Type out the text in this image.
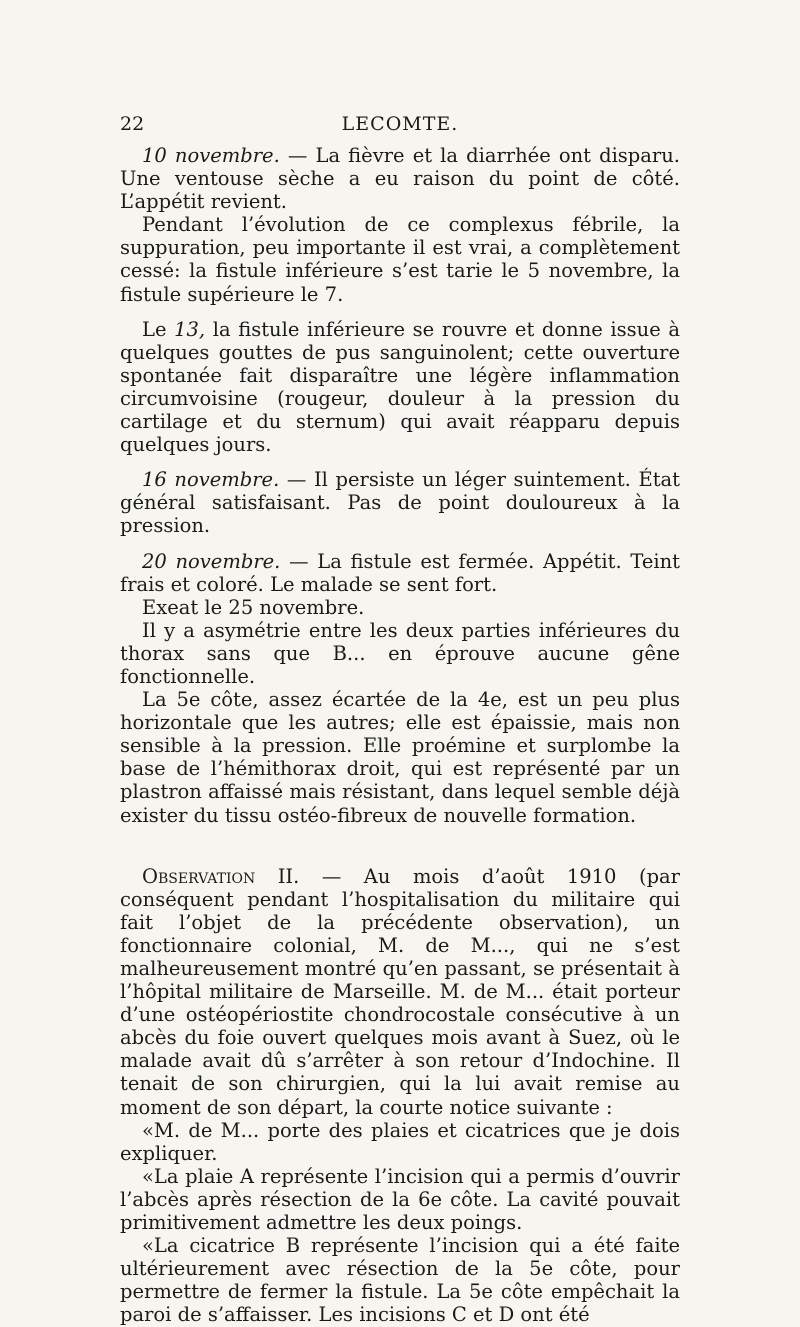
22	LECOMTE.

10 novembre. — La fièvre et la diarrhée ont disparu. Une ventouse sèche a eu raison du point de côté. L’appétit revient.

Pendant l’évolution de ce complexus fébrile, la suppuration, peu importante il est vrai, a complètement cessé: la fistule inférieure s’est tarie le 5 novembre, la fistule supérieure le 7.

Le 13, la fistule inférieure se rouvre et donne issue à quelques gouttes de pus sanguinolent; cette ouverture spontanée fait disparaître une légère inflammation circumvoisine (rougeur, douleur à la pression du cartilage et du sternum) qui avait réapparu depuis quelques jours.

16 novembre. — Il persiste un léger suintement. État général satisfaisant. Pas de point douloureux à la pression.

20 novembre. — La fistule est fermée. Appétit. Teint frais et coloré. Le malade se sent fort.

Exeat le 25 novembre.

Il y a asymétrie entre les deux parties inférieures du thorax sans que B... en éprouve aucune gêne fonctionnelle.

La 5e côte, assez écartée de la 4e, est un peu plus horizontale que les autres; elle est épaissie, mais non sensible à la pression. Elle proémine et surplombe la base de l’hémithorax droit, qui est représenté par un plastron affaissé mais résistant, dans lequel semble déjà exister du tissu ostéo-fibreux de nouvelle formation.

Observation II. — Au mois d’août 1910 (par conséquent pendant l’hospitalisation du militaire qui fait l’objet de la précédente observation), un fonctionnaire colonial, M. de M..., qui ne s’est malheureusement montré qu’en passant, se présentait à l’hôpital militaire de Marseille. M. de M... était porteur d’une ostéopériostite chondrocostale consécutive à un abcès du foie ouvert quelques mois avant à Suez, où le malade avait dû s’arrêter à son retour d’Indochine. Il tenait de son chirurgien, qui la lui avait remise au moment de son départ, la courte notice suivante :

«M. de M... porte des plaies et cicatrices que je dois expliquer.

«La plaie A représente l’incision qui a permis d’ouvrir l’abcès après résection de la 6e côte. La cavité pouvait primitivement admettre les deux poings.

«La cicatrice B représente l’incision qui a été faite ultérieurement avec résection de la 5e côte, pour permettre de fermer la fistule. La 5e côte empêchait la paroi de s’affaisser. Les incisions C et D ont été
